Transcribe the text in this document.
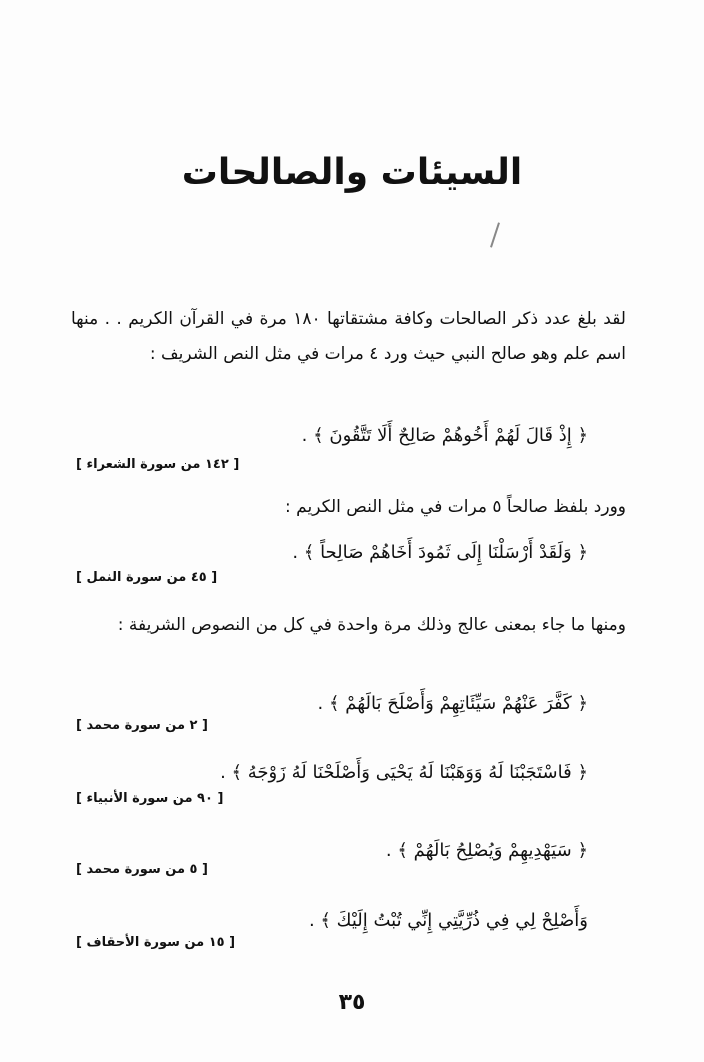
السيئات والصالحات
لقد بلغ عدد ذكر الصالحات وكافة مشتقاتها ١٨٠ مرة في القرآن الكريم . . منها اسم علم وهو صالح النبي حيث ورد ٤ مرات في مثل النص الشريف :
﴿ إِذْ قَالَ لَهُمْ أَخُوهُمْ صَالِحٌ أَلَا تَتَّقُونَ ﴾ .
[ ١٤٢ من سورة الشعراء ]
وورد بلفظ صالحاً ٥ مرات في مثل النص الكريم :
﴿ وَلَقَدْ أَرْسَلْنَا إِلَى ثَمُودَ أَخَاهُمْ صَالِحاً ﴾ .
[ ٤٥ من سورة النمل ]
ومنها ما جاء بمعنى عالج وذلك مرة واحدة في كل من النصوص الشريفة :
﴿ كَفَّرَ عَنْهُمْ سَيِّئَاتِهِمْ وَأَصْلَحَ بَالَهُمْ ﴾ .
[ ٢ من سورة محمد ]
﴿ فَاسْتَجَبْنَا لَهُ وَوَهَبْنَا لَهُ يَحْيَى وَأَصْلَحْنَا لَهُ زَوْجَهُ ﴾ .
[ ٩٠ من سورة الأنبياء ]
﴿ سَيَهْدِيهِمْ وَيُصْلِحُ بَالَهُمْ ﴾ .
[ ٥ من سورة محمد ]
وَأَصْلِحْ لِي فِي ذُرِّيَّتِي إِنِّي تُبْتُ إِلَيْكَ ﴾ .
[ ١٥ من سورة الأحقاف ]
٣٥
